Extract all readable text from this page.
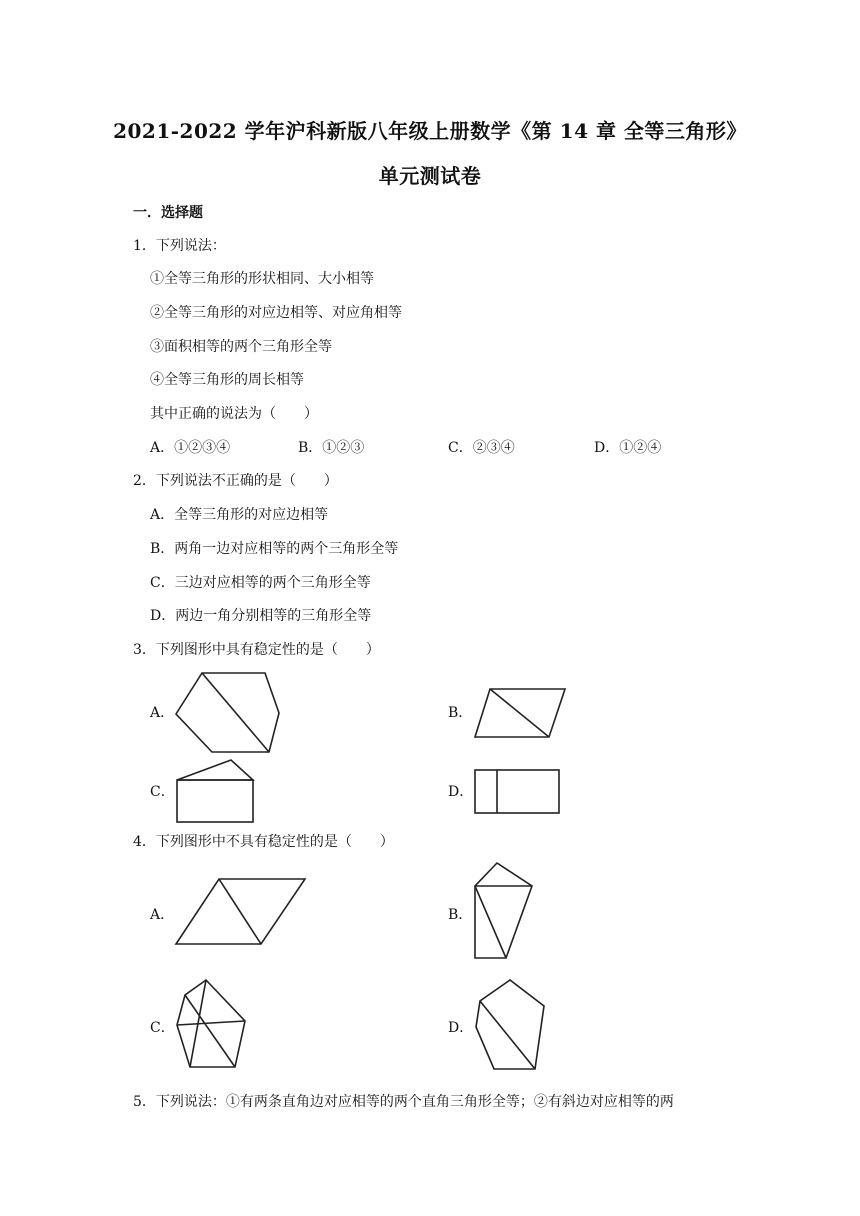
2021-2022 学年沪科新版八年级上册数学《第 14 章 全等三角形》
单元测试卷
一．选择题
1．下列说法：
①全等三角形的形状相同、大小相等
②全等三角形的对应边相等、对应角相等
③面积相等的两个三角形全等
④全等三角形的周长相等
其中正确的说法为（　　）
A．①②③④	B．①②③	C．②③④	D．①②④
2．下列说法不正确的是（　　）
A．全等三角形的对应边相等
B．两角一边对应相等的两个三角形全等
C．三边对应相等的两个三角形全等
D．两边一角分别相等的三角形全等
3．下列图形中具有稳定性的是（　　）
A．	B．
C．	D．
4．下列图形中不具有稳定性的是（　　）
A．	B．
C．	D．
5．下列说法：①有两条直角边对应相等的两个直角三角形全等；②有斜边对应相等的两
